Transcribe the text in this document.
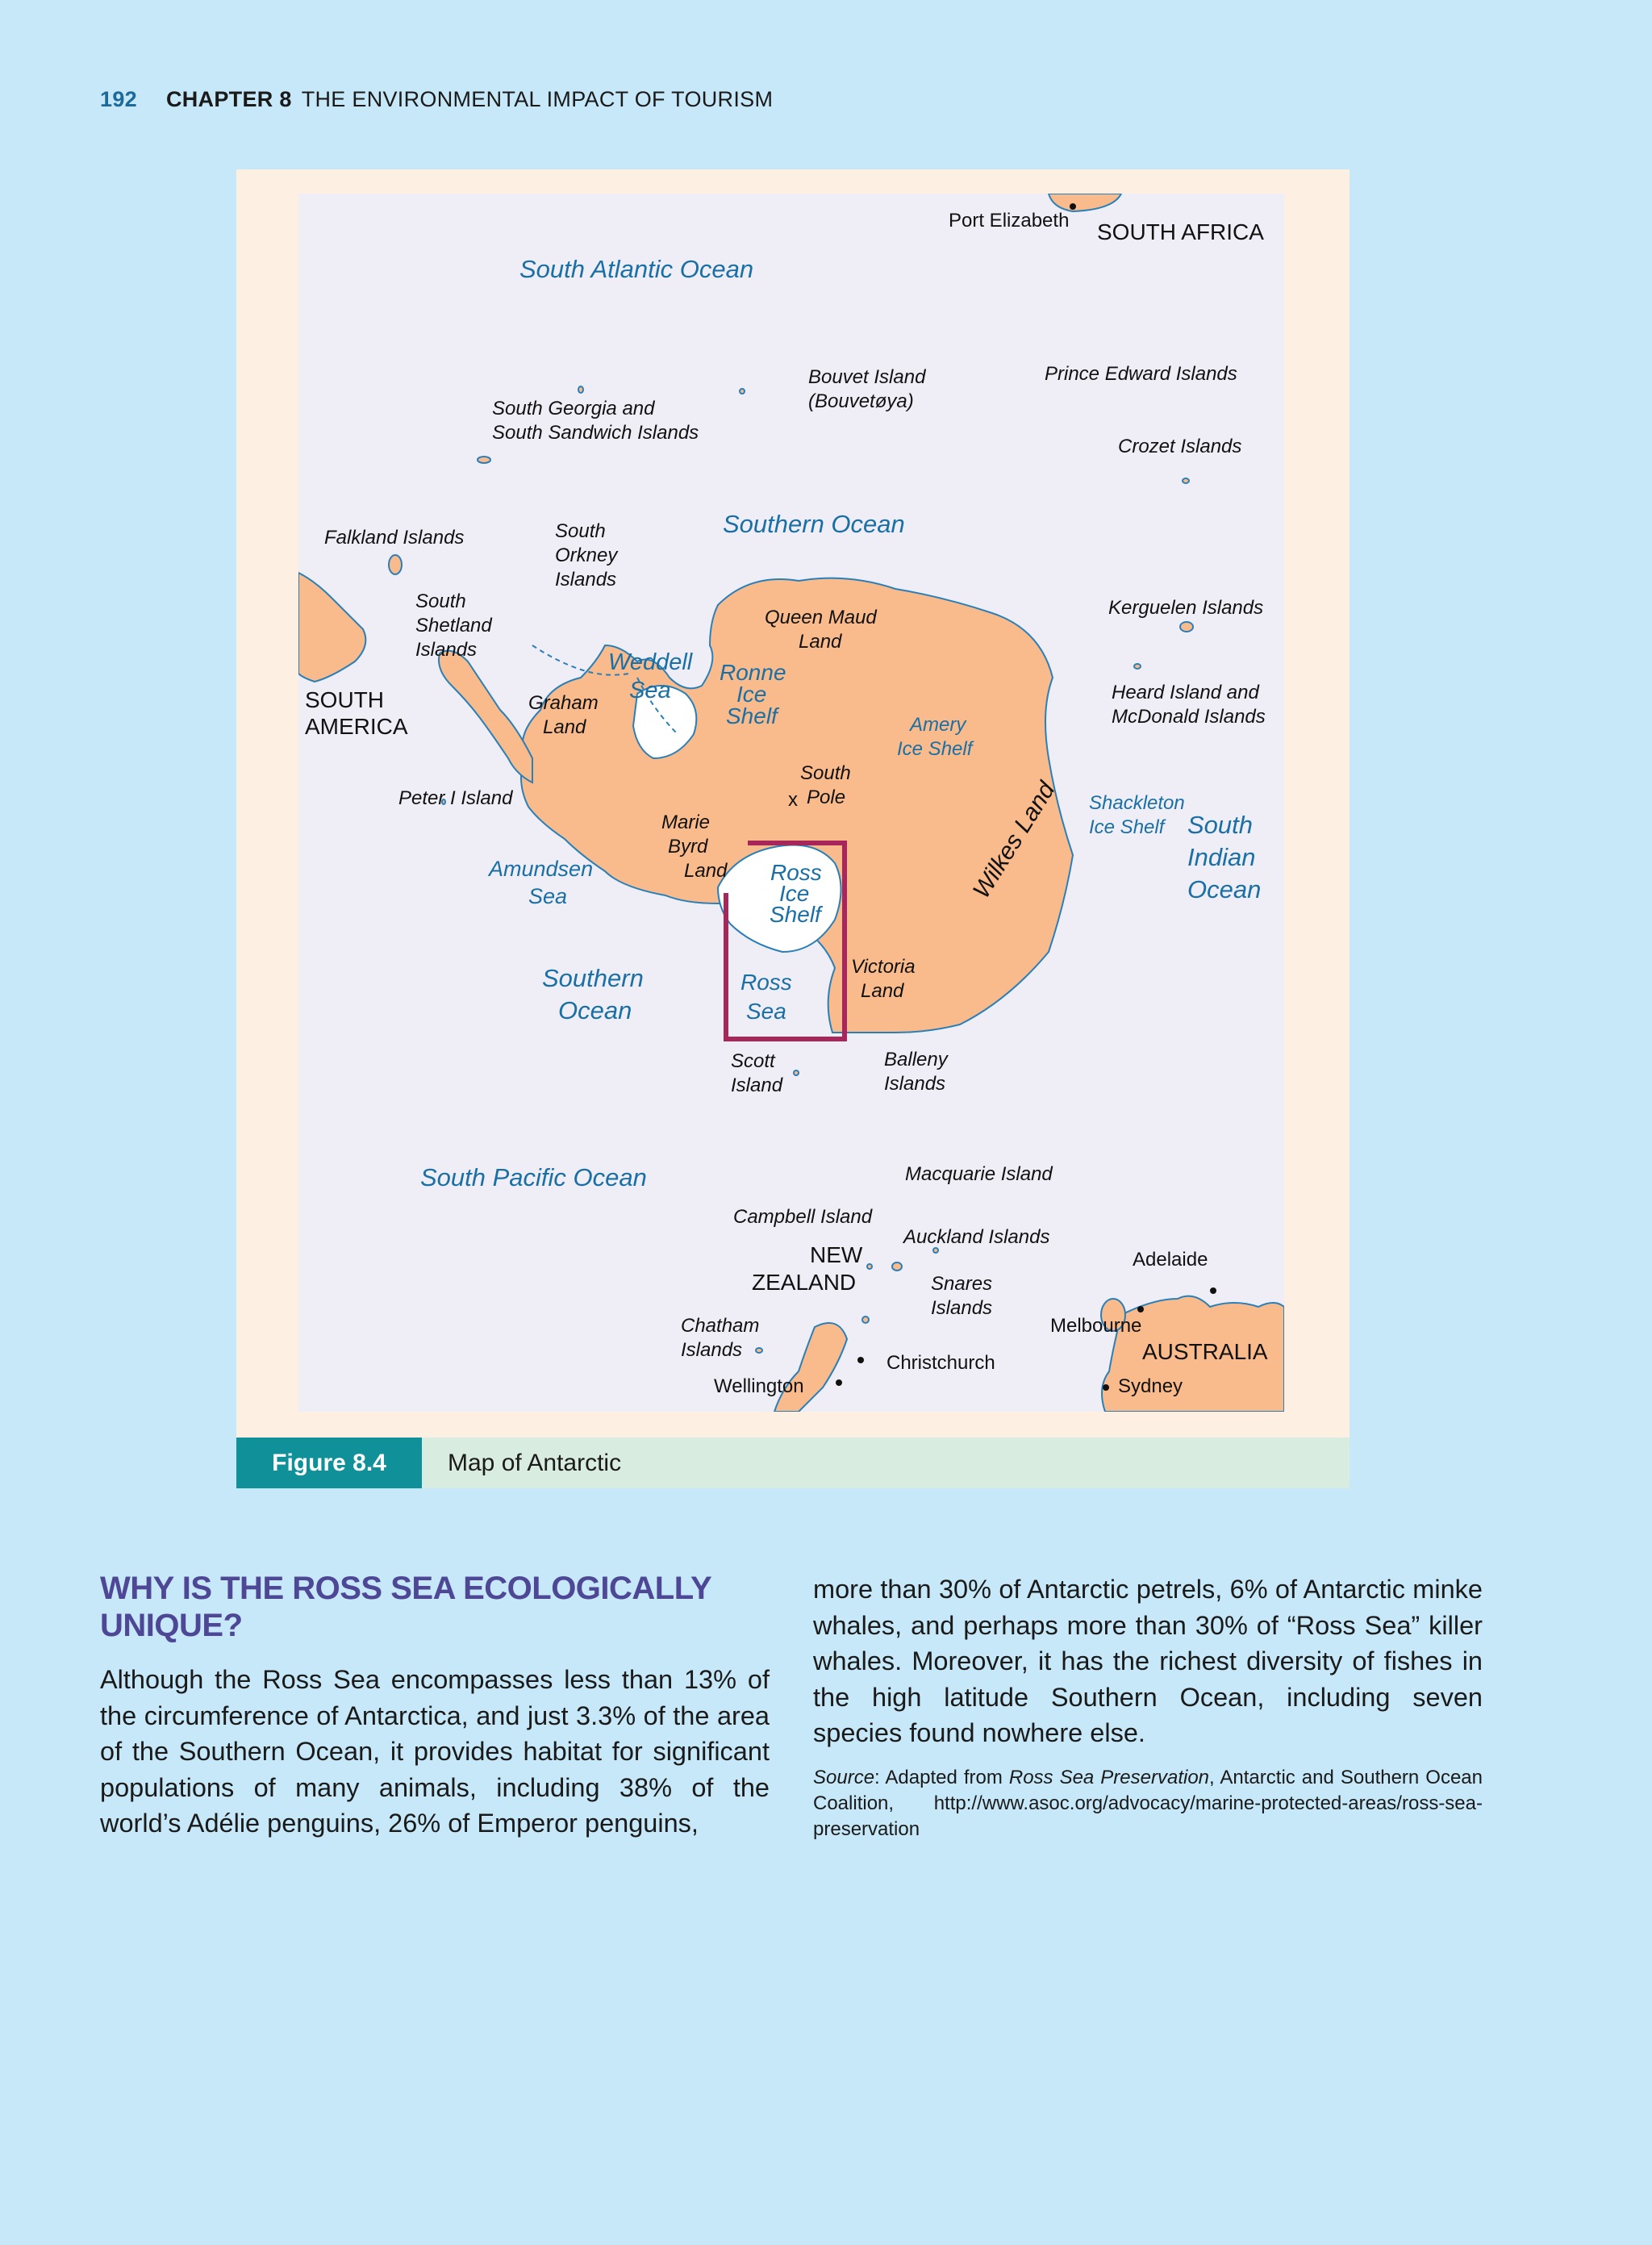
192 CHAPTER 8 THE ENVIRONMENTAL IMPACT OF TOURISM
Port Elizabeth SOUTH AFRICA
South Atlantic Ocean
Bouvet Island
(Bouvetøya)
Prince Edward Islands
South Georgia and
South Sandwich Islands
Crozet Islands
Southern Ocean
Falkland Islands	South
Orkney
Islands
South
Shetland
Islands
Queen Maud
Land
Kerguelen Islands
Weddell
Sea
Ronne
Ice
Shelf
Heard Island and
McDonald Islands
SOUTH
AMERICA
Graham
Land	Amery
Ice Shelf
South
x Pole
Peter I Island	Shackleton
Ice Shelf
Marie
Byrd
Land
South
Indian
Ocean
Amundsen
Sea
Ross
Ice
Shelf
Wilkes Land
Southern
Ocean
Ross
Sea
Victoria
Land
Scott
Island
Balleny
Islands
South Pacific Ocean	Macquarie Island
Campbell Island
Auckland Islands
NEW
ZEALAND	Snares
Islands
Adelaide
Chatham
Islands
Melbourne
Christchurch	AUSTRALIA
Wellington	Sydney
Figure 8.4	Map of Antarctic
WHY IS THE ROSS SEA ECOLOGICALLY UNIQUE?
Although the Ross Sea encompasses less than 13% of the circumference of Antarctica, and just 3.3% of the area of the Southern Ocean, it provides habitat for significant populations of many animals, including 38% of the world’s Adélie penguins, 26% of Emperor penguins,
more than 30% of Antarctic petrels, 6% of Antarctic minke whales, and perhaps more than 30% of “Ross Sea” killer whales. Moreover, it has the richest diversity of fishes in the high latitude Southern Ocean, including seven species found nowhere else.
Source: Adapted from Ross Sea Preservation, Antarctic and Southern Ocean Coalition, http://www.asoc.org/advocacy/marine-protected-areas/ross-sea-preservation
